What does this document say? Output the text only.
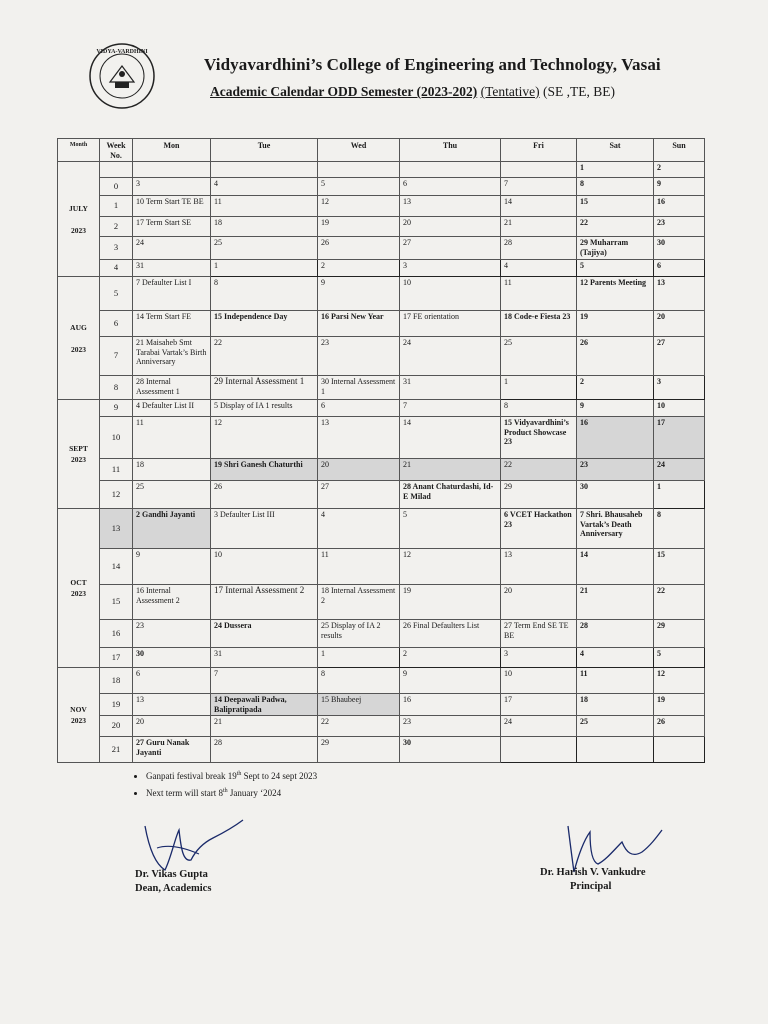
VIDYA-VARDHINI
Vidyavardhini’s College of Engineering and Technology, Vasai
Academic Calendar ODD Semester (2023-202) (Tentative) (SE ,TE, BE)
Month	Week No.	Mon	Tue	Wed	Thu	Fri	Sat	Sun
JULY

2023							1	2
	0	3	4	5	6	7	8	9
	1	10 Term Start TE BE	11	12	13	14	15	16
	2	17 Term Start SE	18	19	20	21	22	23
	3	24	25	26	27	28	29 Muharram (Tajiya)	30
	4	31	1	2	3	4	5	6
AUG

2023	5	7 Defaulter List I	8	9	10	11	12 Parents Meeting	13
	6	14 Term Start FE	15 Independence Day	16 Parsi New Year	17 FE orientation	18 Code-e Fiesta 23	19	20
	7	21 Maisaheb Smt Tarabai Vartak’s Birth Anniversary	22	23	24	25	26	27
	8	28 Internal Assessment 1	29 Internal Assessment 1	30 Internal Assessment 1	31	1	2	3
SEPT
2023	9	4 Defaulter List II	5 Display of IA 1 results	6	7	8	9	10
	10	11	12	13	14	15 Vidyavardhini’s Product Showcase 23	16	17
	11	18	19 Shri Ganesh Chaturthi	20	21	22	23	24
	12	25	26	27	28 Anant Chaturdashi, Id-E Milad	29	30	1
OCT
2023	13	2 Gandhi Jayanti	3 Defaulter List III	4	5	6 VCET Hackathon 23	7 Shri. Bhausaheb Vartak’s Death Anniversary	8
	14	9	10	11	12	13	14	15
	15	16 Internal Assessment 2	17 Internal Assessment 2	18 Internal Assessment 2	19	20	21	22
	16	23	24 Dussera	25 Display of IA 2 results	26 Final Defaulters List	27 Term End SE TE BE	28	29
	17	30	31	1	2	3	4	5
NOV
2023	18	6	7	8	9	10	11	12
	19	13	14 Deepawali Padwa, Balipratipada	15 Bhaubeej	16	17	18	19
	20	20	21	22	23	24	25	26
	21	27 Guru Nanak Jayanti	28	29	30			
• Ganpati festival break 19th Sept to 24 sept 2023
• Next term will start 8th January ‘2024
Dr. Vikas Gupta
Dean, Academics
Dr. Harish V. Vankudre
Principal
